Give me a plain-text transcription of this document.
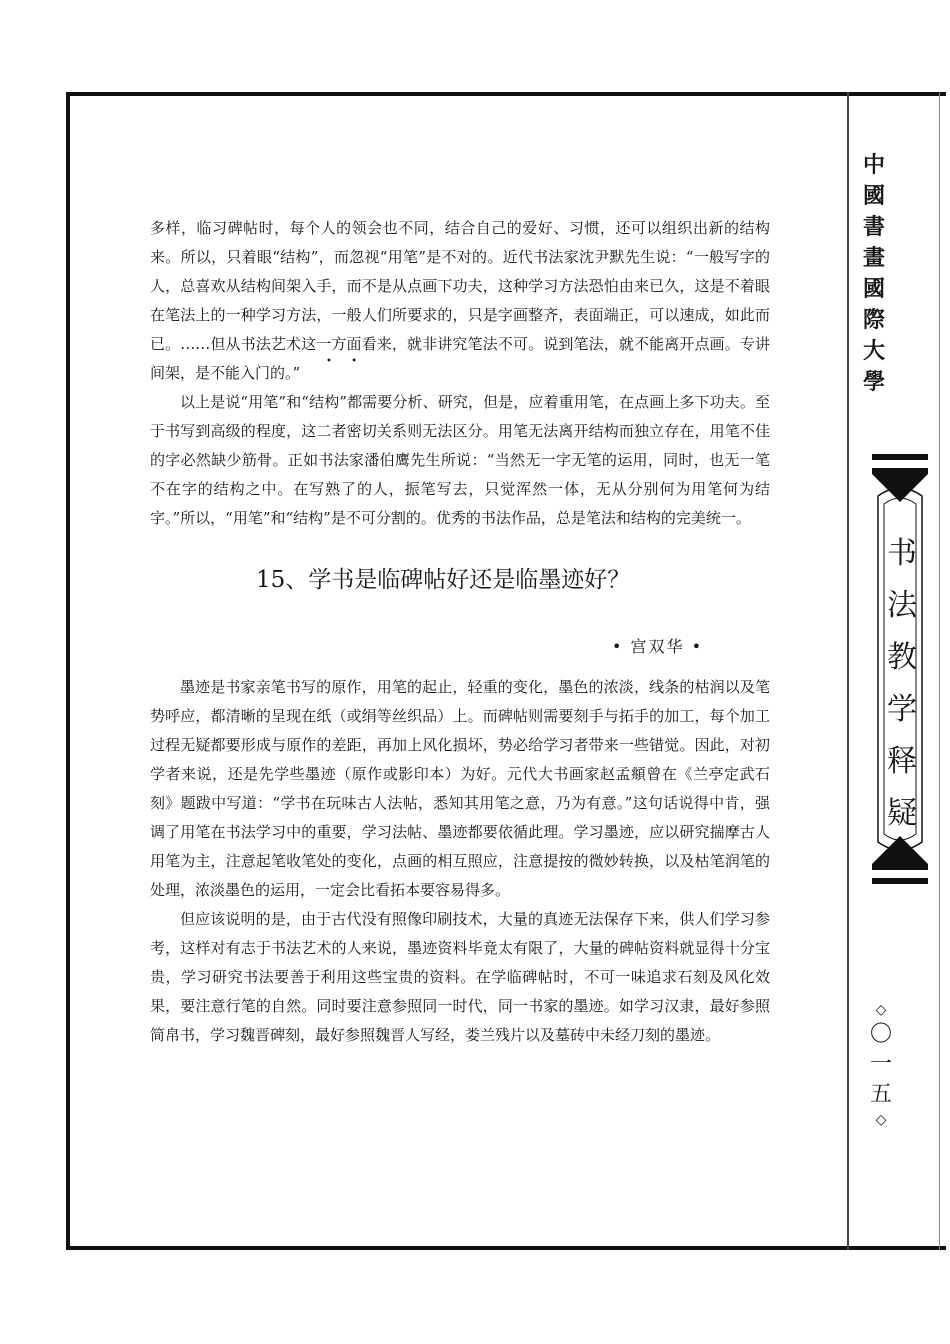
中
國
書
畫
國
際
大
學
书
法
教
学
释
疑
◇
〇
一
五
◇

多样，临习碑帖时，每个人的领会也不同，结合自己的爱好、习惯，还可以组织出新的结构来。所以，只着眼“结构”，而忽视“用笔”是不对的。近代书法家沈尹默先生说：“一般写字的人，总喜欢从结构间架入手，而不是从点画下功夫，这种学习方法恐怕由来已久，这是不着眼在笔法上的一种学习方法，一般人们所要求的，只是字画整齐，表面端正，可以速成，如此而已。……但从书法艺术这一方面看来，就非讲究笔法不可。说到笔法，就不能离开点画。专讲间架，是不能入门的。”

以上是说“用笔”和“结构”都需要分析、研究，但是，应着重用笔，在点画上多下功夫。至于书写到高级的程度，这二者密切关系则无法区分。用笔无法离开结构而独立存在，用笔不佳的字必然缺少筋骨。正如书法家潘伯鹰先生所说：“当然无一字无笔的运用，同时，也无一笔不在字的结构之中。在写熟了的人，振笔写去，只觉浑然一体，无从分别何为用笔何为结字。”所以，“用笔”和“结构”是不可分割的。优秀的书法作品，总是笔法和结构的完美统一。

• •
15、学书是临碑帖好还是临墨迹好？
• 宫双华 •

墨迹是书家亲笔书写的原作，用笔的起止，轻重的变化，墨色的浓淡，线条的枯润以及笔势呼应，都清晰的呈现在纸（或绢等丝织品）上。而碑帖则需要刻手与拓手的加工，每个加工过程无疑都要形成与原作的差距，再加上风化损坏，势必给学习者带来一些错觉。因此，对初学者来说，还是先学些墨迹（原作或影印本）为好。元代大书画家赵孟頫曾在《兰亭定武石刻》题跋中写道：“学书在玩味古人法帖，悉知其用笔之意，乃为有意。”这句话说得中肯，强调了用笔在书法学习中的重要，学习法帖、墨迹都要依循此理。学习墨迹，应以研究揣摩古人用笔为主，注意起笔收笔处的变化，点画的相互照应，注意提按的微妙转换，以及枯笔润笔的处理，浓淡墨色的运用，一定会比看拓本要容易得多。

但应该说明的是，由于古代没有照像印刷技术，大量的真迹无法保存下来，供人们学习参考，这样对有志于书法艺术的人来说，墨迹资料毕竟太有限了，大量的碑帖资料就显得十分宝贵，学习研究书法要善于利用这些宝贵的资料。在学临碑帖时，不可一味追求石刻及风化效果，要注意行笔的自然。同时要注意参照同一时代，同一书家的墨迹。如学习汉隶，最好参照简帛书，学习魏晋碑刻，最好参照魏晋人写经，娄兰残片以及墓砖中未经刀刻的墨迹。
